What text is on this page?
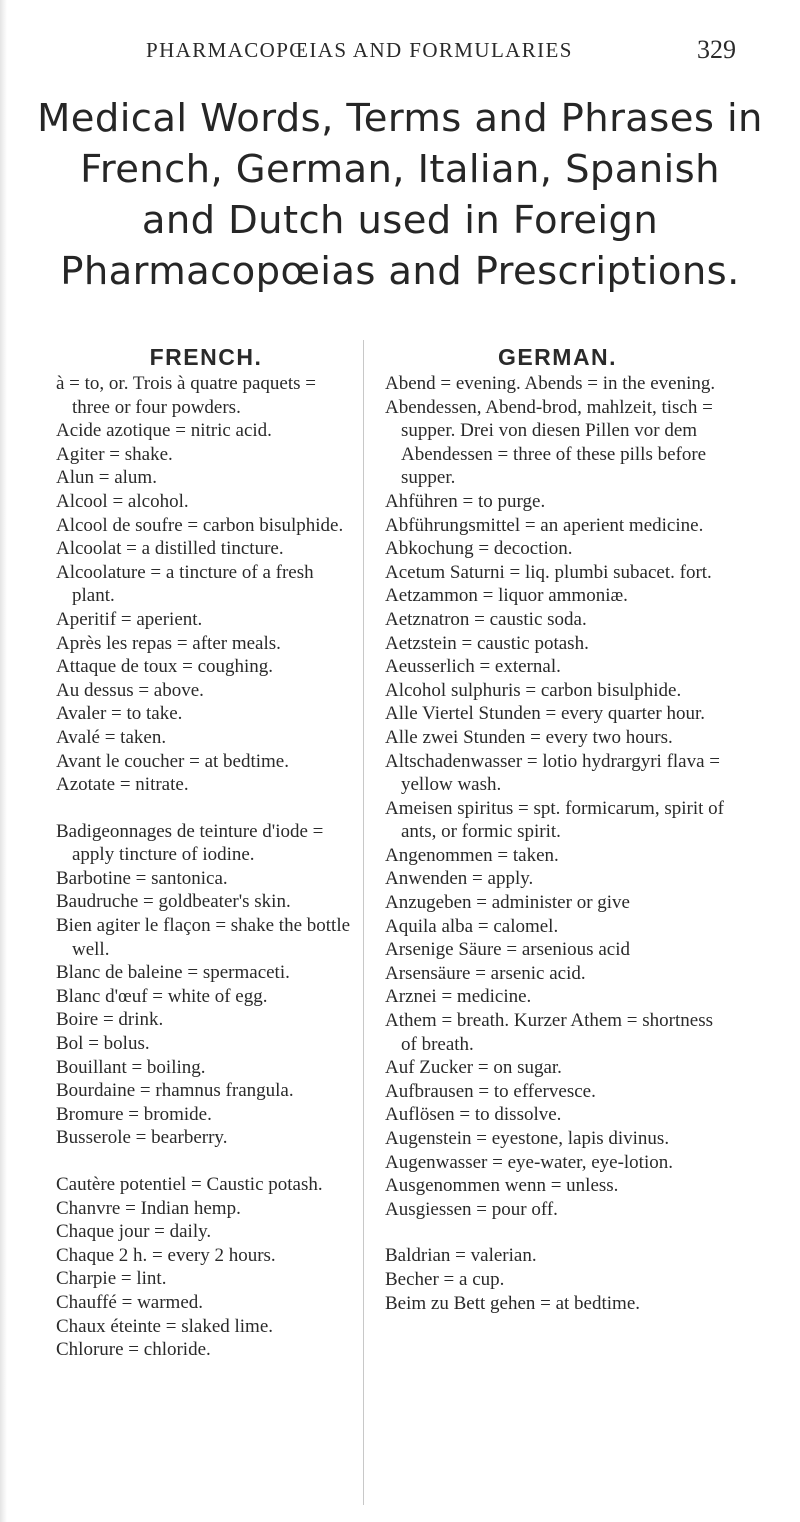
PHARMACOPŒIAS AND FORMULARIES	329
Medical Words, Terms and Phrases in
French, German, Italian, Spanish
and Dutch used in Foreign
Pharmacopœias and Prescriptions.
FRENCH.
à = to, or. Trois à quatre paquets = three or four powders.
Acide azotique = nitric acid.
Agiter = shake.
Alun = alum.
Alcool = alcohol.
Alcool de soufre = carbon bisulphide.
Alcoolat = a distilled tincture.
Alcoolature = a tincture of a fresh plant.
Aperitif = aperient.
Après les repas = after meals.
Attaque de toux = coughing.
Au dessus = above.
Avaler = to take.
Avalé = taken.
Avant le coucher = at bedtime.
Azotate = nitrate.
Badigeonnages de teinture d'iode = apply tincture of iodine.
Barbotine = santonica.
Baudruche = goldbeater's skin.
Bien agiter le flaçon = shake the bottle well.
Blanc de baleine = spermaceti.
Blanc d'œuf = white of egg.
Boire = drink.
Bol = bolus.
Bouillant = boiling.
Bourdaine = rhamnus frangula.
Bromure = bromide.
Busserole = bearberry.
Cautère potentiel = Caustic potash.
Chanvre = Indian hemp.
Chaque jour = daily.
Chaque 2 h. = every 2 hours.
Charpie = lint.
Chauffé = warmed.
Chaux éteinte = slaked lime.
Chlorure = chloride.
GERMAN.
Abend = evening. Abends = in the evening.
Abendessen, Abend-brod, mahlzeit, tisch = supper. Drei von diesen Pillen vor dem Abendessen = three of these pills before supper.
Ahführen = to purge.
Abführungsmittel = an aperient medicine.
Abkochung = decoction.
Acetum Saturni = liq. plumbi subacet. fort.
Aetzammon = liquor ammoniæ.
Aetznatron = caustic soda.
Aetzstein = caustic potash.
Aeusserlich = external.
Alcohol sulphuris = carbon bisulphide.
Alle Viertel Stunden = every quarter hour.
Alle zwei Stunden = every two hours.
Altschadenwasser = lotio hydrargyri flava = yellow wash.
Ameisen spiritus = spt. formicarum, spirit of ants, or formic spirit.
Angenommen = taken.
Anwenden = apply.
Anzugeben = administer or give
Aquila alba = calomel.
Arsenige Säure = arsenious acid
Arsensäure = arsenic acid.
Arznei = medicine.
Athem = breath. Kurzer Athem = shortness of breath.
Auf Zucker = on sugar.
Aufbrausen = to effervesce.
Auflösen = to dissolve.
Augenstein = eyestone, lapis divinus.
Augenwasser = eye-water, eye-lotion.
Ausgenommen wenn = unless.
Ausgiessen = pour off.
Baldrian = valerian.
Becher = a cup.
Beim zu Bett gehen = at bedtime.
